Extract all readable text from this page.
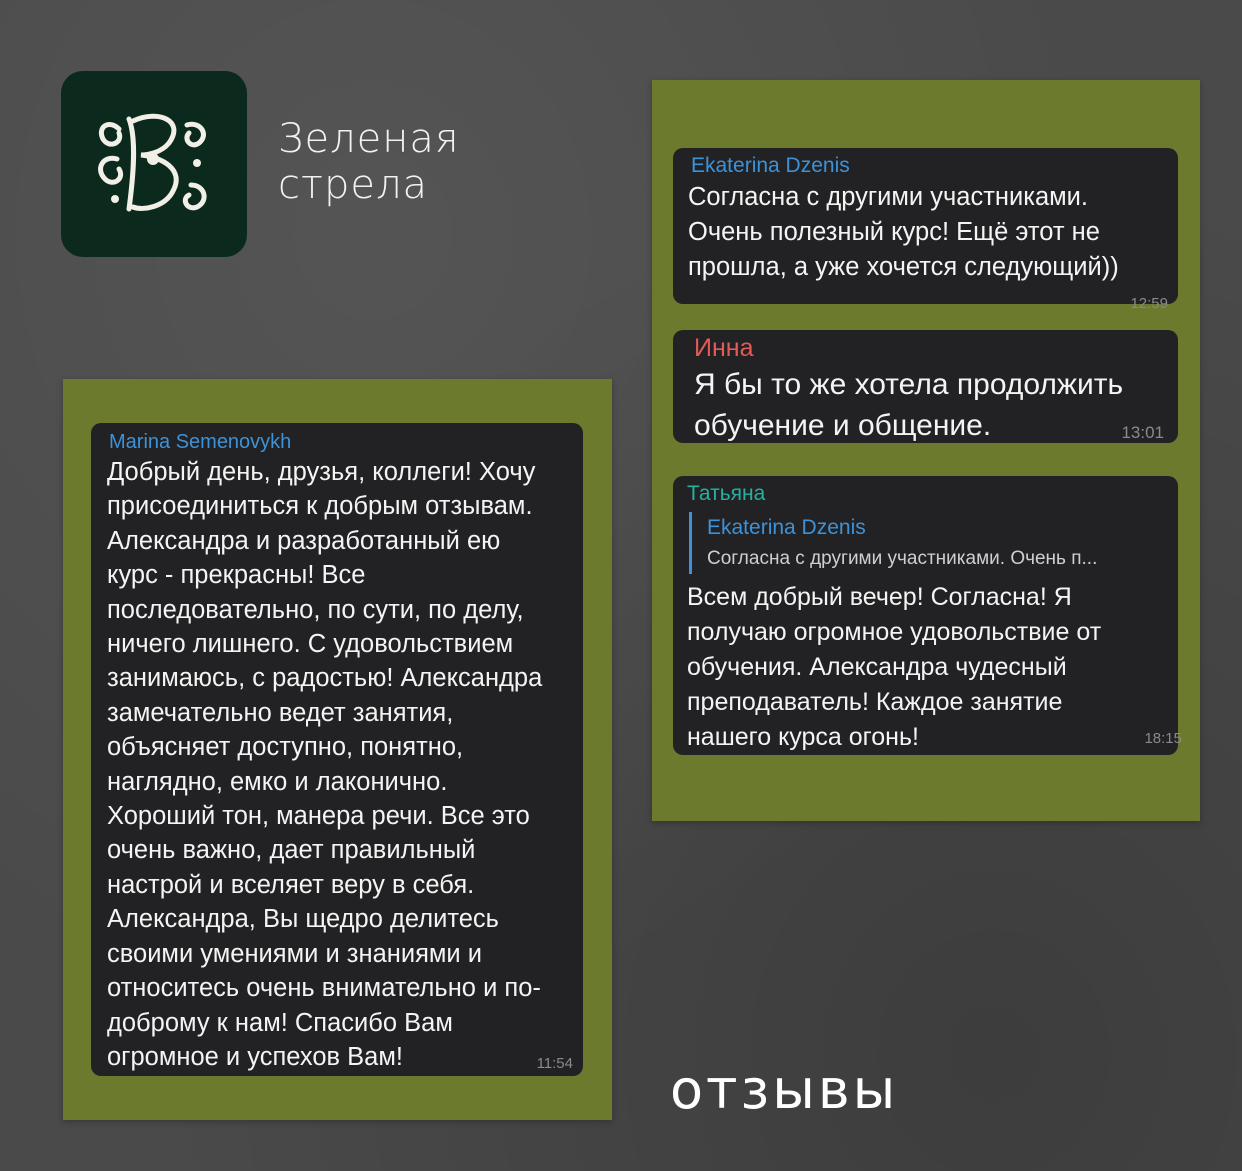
Зеленая
стрела
Marina Semenovykh
Добрый день, друзья, коллеги! Хочу
присоединиться к добрым отзывам.
Александра и разработанный ею
курс - прекрасны! Все
последовательно, по сути, по делу,
ничего лишнего. С удовольствием
занимаюсь, с радостью! Александра
замечательно ведет занятия,
объясняет доступно, понятно,
наглядно, емко и лаконично.
Хороший тон, манера речи. Все это
очень важно, дает правильный
настрой и вселяет веру в себя.
Александра, Вы щедро делитесь
своими умениями и знаниями и
относитесь очень внимательно и по-
доброму к нам! Спасибо Вам
огромное и успехов Вам!	11:54
Ekaterina Dzenis
Согласна с другими участниками.
Очень полезный курс! Ещё этот не
прошла, а уже хочется следующий))
12:59
Инна
Я бы то же хотела продолжить
обучение и общение.	13:01
Татьяна
Ekaterina Dzenis
Согласна с другими участниками. Очень п...
Всем добрый вечер! Согласна! Я
получаю огромное удовольствие от
обучения. Александра чудесный
преподаватель! Каждое занятие
нашего курса огонь!	18:15
отзывы
